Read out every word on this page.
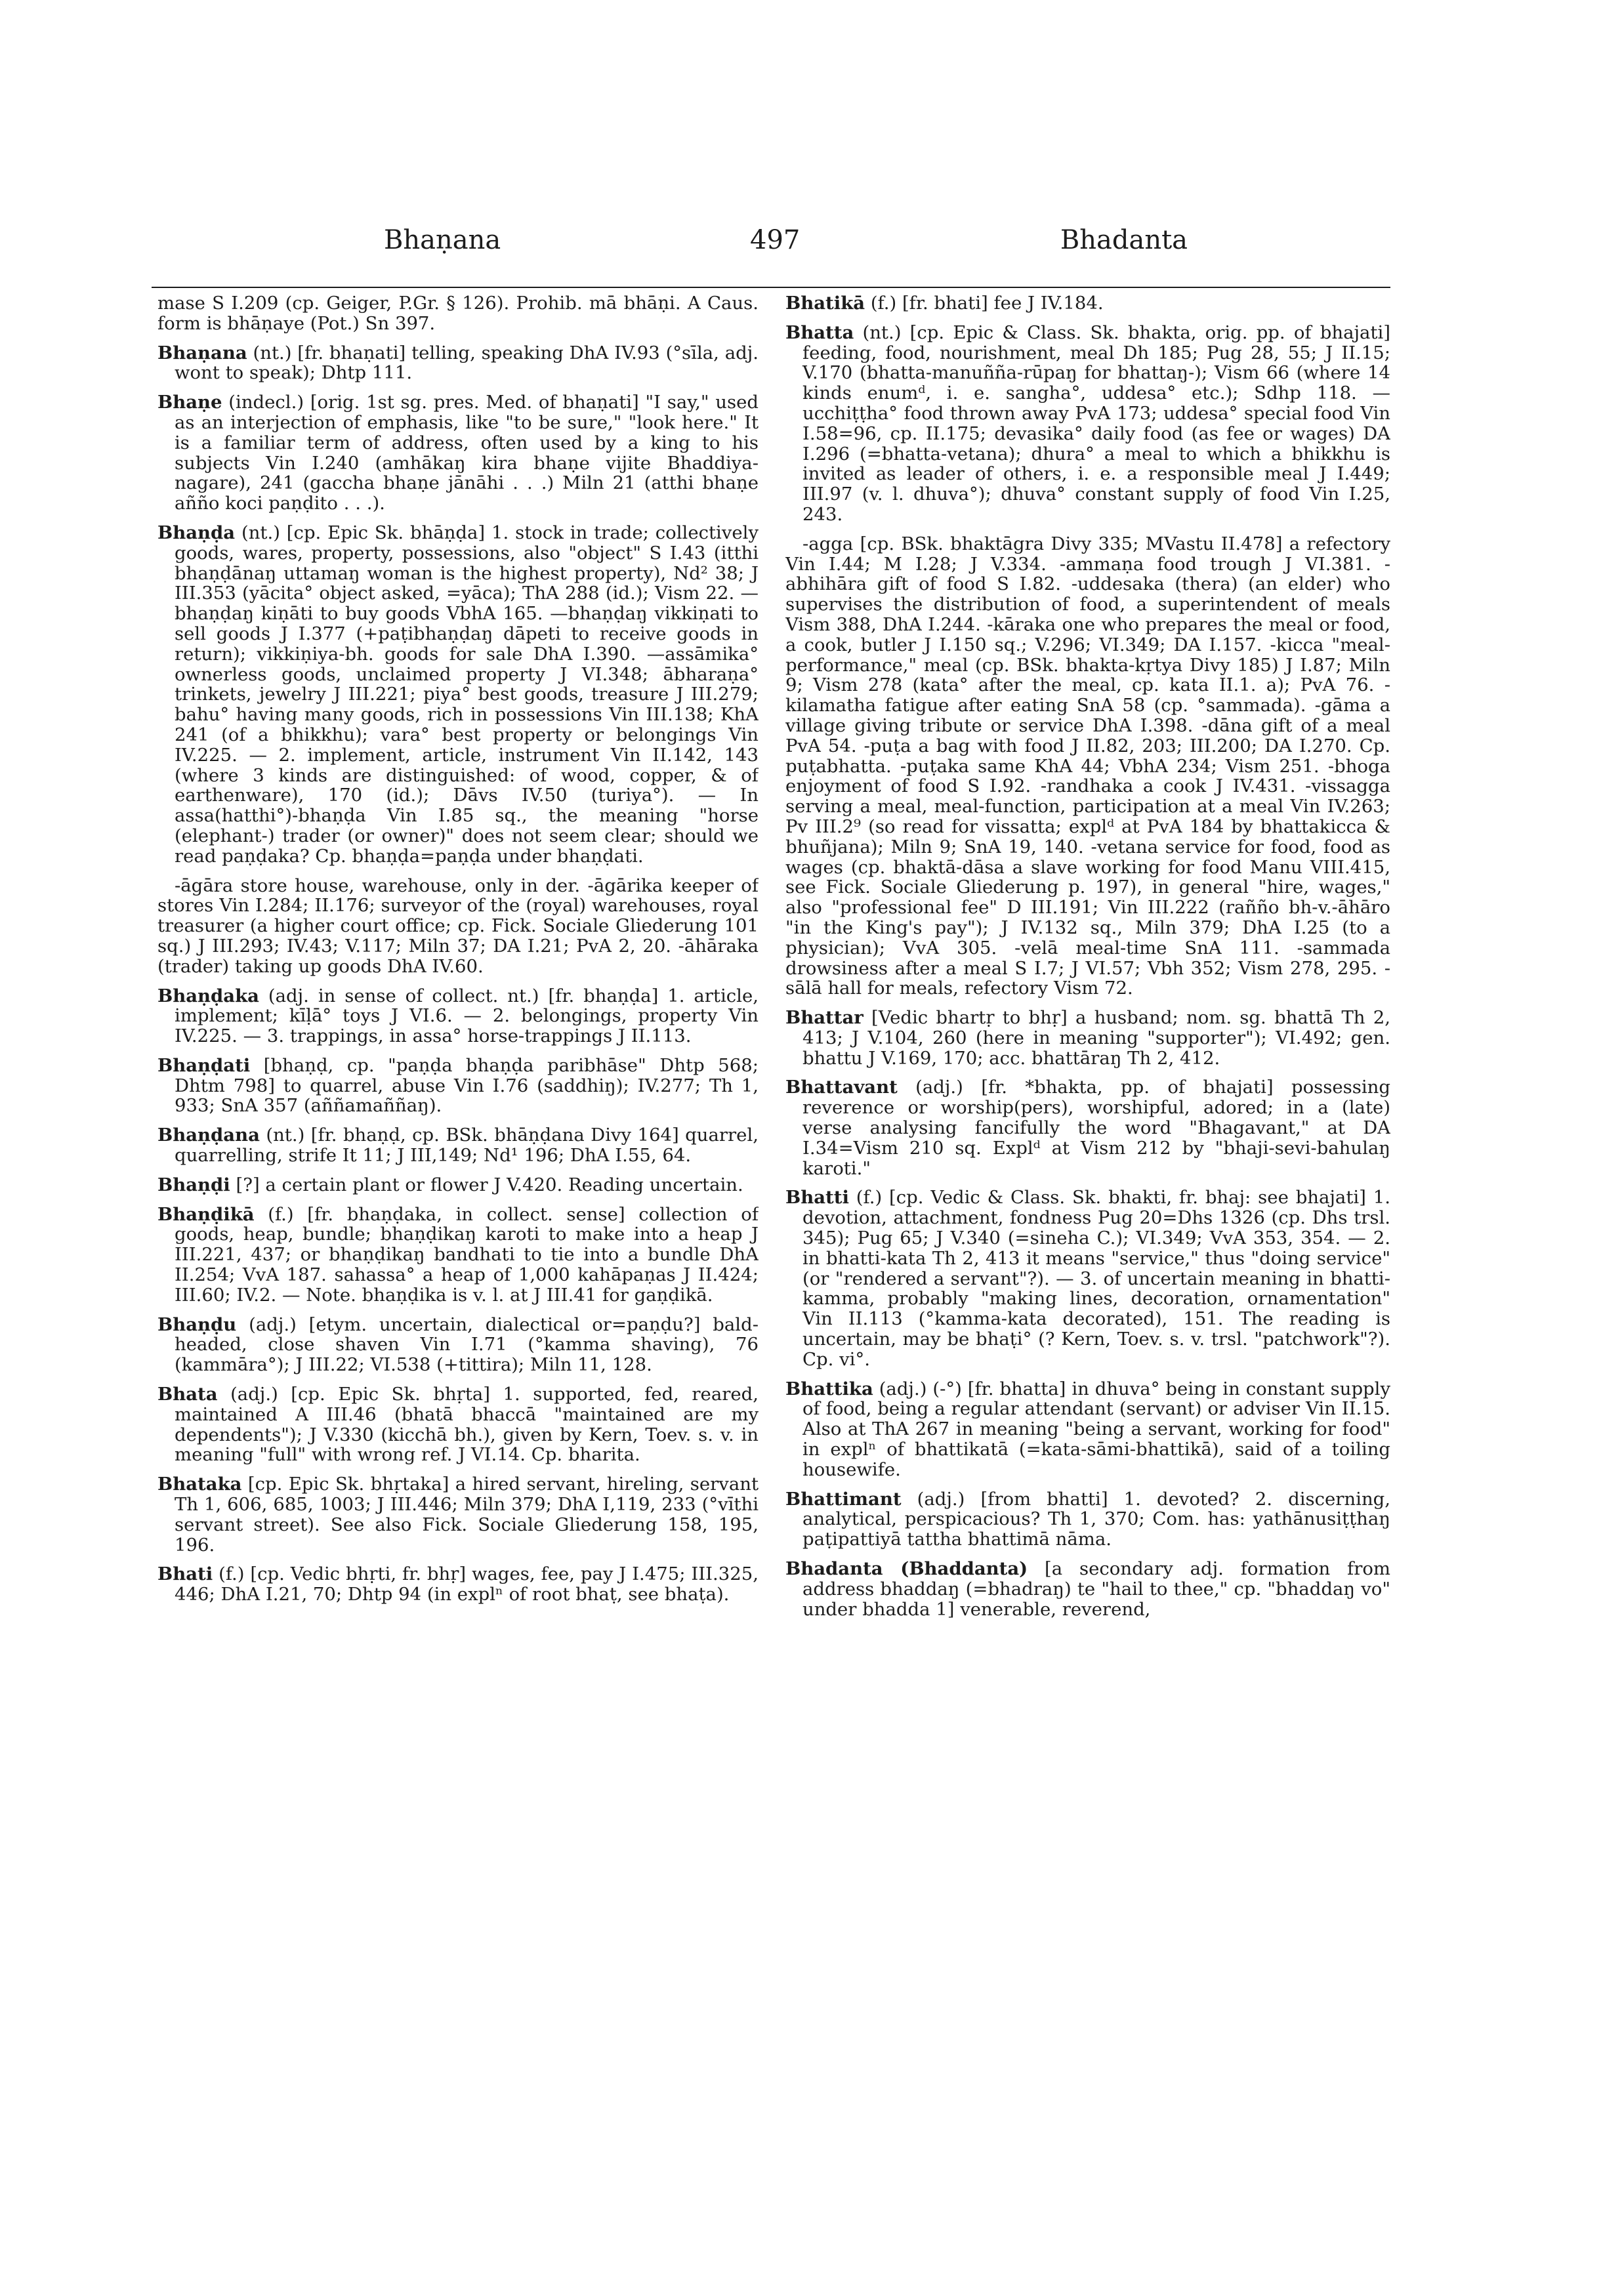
Bhaṇana	497	Bhadanta

mase S I.209 (cp. Geiger, P.Gr. § 126). Prohib. mā bhāṇi. A Caus. form is bhāṇaye (Pot.) Sn 397.

Bhaṇana (nt.) [fr. bhaṇati] telling, speaking DhA IV.93 (°sīla, adj. wont to speak); Dhtp 111.

Bhaṇe (indecl.) [orig. 1st sg. pres. Med. of bhaṇati] "I say," used as an interjection of emphasis, like "to be sure," "look here." It is a familiar term of address, often used by a king to his subjects Vin I.240 (amhākaŋ kira bhaṇe vijite Bhaddiya-nagare), 241 (gaccha bhaṇe jānāhi . . .) Miln 21 (atthi bhaṇe añño koci paṇḍito . . .).

Bhaṇḍa (nt.) [cp. Epic Sk. bhāṇḍa] 1. stock in trade; collectively goods, wares, property, possessions, also "object" S I.43 (itthi bhaṇḍānaŋ uttamaŋ woman is the highest property), Nd² 38; J III.353 (yācita° object asked, =yāca); ThA 288 (id.); Vism 22. —bhaṇḍaŋ kiṇāti to buy goods VbhA 165. —bhaṇḍaŋ vikkiṇati to sell goods J I.377 (+paṭibhaṇḍaŋ dāpeti to receive goods in return); vikkiṇiya-bh. goods for sale DhA I.390. —assāmika° ownerless goods, unclaimed property J VI.348; ābharaṇa° trinkets, jewelry J III.221; piya° best goods, treasure J III.279; bahu° having many goods, rich in possessions Vin III.138; KhA 241 (of a bhikkhu); vara° best property or belongings Vin IV.225. — 2. implement, article, instrument Vin II.142, 143 (where 3 kinds are distinguished: of wood, copper, & of earthenware), 170 (id.); Dāvs IV.50 (turiya°). — In assa(hatthi°)-bhaṇḍa Vin I.85 sq., the meaning "horse (elephant-) trader (or owner)" does not seem clear; should we read paṇḍaka? Cp. bhaṇḍa=paṇḍa under bhaṇḍati.

-āgāra store house, warehouse, only in der. -āgārika keeper of stores Vin I.284; II.176; surveyor of the (royal) warehouses, royal treasurer (a higher court office; cp. Fick. Sociale Gliederung 101 sq.) J III.293; IV.43; V.117; Miln 37; DA I.21; PvA 2, 20. -āhāraka (trader) taking up goods DhA IV.60.

Bhaṇḍaka (adj. in sense of collect. nt.) [fr. bhaṇḍa] 1. article, implement; kīḷā° toys J VI.6. — 2. belongings, property Vin IV.225. — 3. trappings, in assa° horse-trappings J II.113.

Bhaṇḍati [bhaṇḍ, cp. "paṇḍa bhaṇḍa paribhāse" Dhtp 568; Dhtm 798] to quarrel, abuse Vin I.76 (saddhiŋ); IV.277; Th 1, 933; SnA 357 (aññamaññaŋ).

Bhaṇḍana (nt.) [fr. bhaṇḍ, cp. BSk. bhāṇḍana Divy 164] quarrel, quarrelling, strife It 11; J III,149; Nd¹ 196; DhA I.55, 64.

Bhaṇḍi [?] a certain plant or flower J V.420. Reading uncertain.

Bhaṇḍikā (f.) [fr. bhaṇḍaka, in collect. sense] collection of goods, heap, bundle; bhaṇḍikaŋ karoti to make into a heap J III.221, 437; or bhaṇḍikaŋ bandhati to tie into a bundle DhA II.254; VvA 187. sahassa° a heap of 1,000 kahāpaṇas J II.424; III.60; IV.2. — Note. bhaṇḍika is v. l. at J III.41 for gaṇḍikā.

Bhaṇḍu (adj.) [etym. uncertain, dialectical or=paṇḍu?] bald-headed, close shaven Vin I.71 (°kamma shaving), 76 (kammāra°); J III.22; VI.538 (+tittira); Miln 11, 128.

Bhata (adj.) [cp. Epic Sk. bhṛta] 1. supported, fed, reared, maintained A III.46 (bhatā bhaccā "maintained are my dependents"); J V.330 (kicchā bh.), given by Kern, Toev. s. v. in meaning "full" with wrong ref. J VI.14. Cp. bharita.

Bhataka [cp. Epic Sk. bhṛtaka] a hired servant, hireling, servant Th 1, 606, 685, 1003; J III.446; Miln 379; DhA I,119, 233 (°vīthi servant street). See also Fick. Sociale Gliederung 158, 195, 196.

Bhati (f.) [cp. Vedic bhṛti, fr. bhṛ] wages, fee, pay J I.475; III.325, 446; DhA I.21, 70; Dhtp 94 (in explⁿ of root bhaṭ, see bhaṭa).

Bhatikā (f.) [fr. bhati] fee J IV.184.

Bhatta (nt.) [cp. Epic & Class. Sk. bhakta, orig. pp. of bhajati] feeding, food, nourishment, meal Dh 185; Pug 28, 55; J II.15; V.170 (bhatta-manuñña-rūpaŋ for bhattaŋ-); Vism 66 (where 14 kinds enumᵈ, i. e. sangha°, uddesa° etc.); Sdhp 118. —ucchiṭṭha° food thrown away PvA 173; uddesa° special food Vin I.58=96, cp. II.175; devasika° daily food (as fee or wages) DA I.296 (=bhatta-vetana); dhura° a meal to which a bhikkhu is invited as leader of others, i. e. a responsible meal J I.449; III.97 (v. l. dhuva°); dhuva° constant supply of food Vin I.25, 243.

-agga [cp. BSk. bhaktāgra Divy 335; MVastu II.478] a refectory Vin I.44; M I.28; J V.334. -ammaṇa food trough J VI.381. -abhihāra gift of food S I.82. -uddesaka (thera) (an elder) who supervises the distribution of food, a superintendent of meals Vism 388, DhA I.244. -kāraka one who prepares the meal or food, a cook, butler J I.150 sq.; V.296; VI.349; DA I.157. -kicca "meal-performance," meal (cp. BSk. bhakta-kṛtya Divy 185) J I.87; Miln 9; Vism 278 (kata° after the meal, cp. kata II.1. a); PvA 76. -kilamatha fatigue after eating SnA 58 (cp. °sammada). -gāma a village giving tribute or service DhA I.398. -dāna gift of a meal PvA 54. -puṭa a bag with food J II.82, 203; III.200; DA I.270. Cp. puṭabhatta. -puṭaka same KhA 44; VbhA 234; Vism 251. -bhoga enjoyment of food S I.92. -randhaka a cook J IV.431. -vissagga serving a meal, meal-function, participation at a meal Vin IV.263; Pv III.2⁹ (so read for vissatta; explᵈ at PvA 184 by bhattakicca & bhuñjana); Miln 9; SnA 19, 140. -vetana service for food, food as wages (cp. bhaktā-dāsa a slave working for food Manu VIII.415, see Fick. Sociale Gliederung p. 197), in general "hire, wages," also "professional fee" D III.191; Vin III.222 (rañño bh-v.-āhāro "in the King's pay"); J IV.132 sq., Miln 379; DhA I.25 (to a physician); VvA 305. -velā meal-time SnA 111. -sammada drowsiness after a meal S I.7; J VI.57; Vbh 352; Vism 278, 295. -sālā hall for meals, refectory Vism 72.

Bhattar [Vedic bhartṛ to bhṛ] a husband; nom. sg. bhattā Th 2, 413; J V.104, 260 (here in meaning "supporter"); VI.492; gen. bhattu J V.169, 170; acc. bhattāraŋ Th 2, 412.

Bhattavant (adj.) [fr. *bhakta, pp. of bhajati] possessing reverence or worship(pers), worshipful, adored; in a (late) verse analysing fancifully the word "Bhagavant," at DA I.34=Vism 210 sq. Explᵈ at Vism 212 by "bhaji-sevi-bahulaŋ karoti."

Bhatti (f.) [cp. Vedic & Class. Sk. bhakti, fr. bhaj: see bhajati] 1. devotion, attachment, fondness Pug 20=Dhs 1326 (cp. Dhs trsl. 345); Pug 65; J V.340 (=sineha C.); VI.349; VvA 353, 354. — 2. in bhatti-kata Th 2, 413 it means "service," thus "doing service" (or "rendered a servant"?). — 3. of uncertain meaning in bhatti-kamma, probably "making lines, decoration, ornamentation" Vin II.113 (°kamma-kata decorated), 151. The reading is uncertain, may be bhaṭi° (? Kern, Toev. s. v. trsl. "patchwork"?). Cp. vi°.

Bhattika (adj.) (-°) [fr. bhatta] in dhuva° being in constant supply of food, being a regular attendant (servant) or adviser Vin II.15. Also at ThA 267 in meaning "being a servant, working for food" in explⁿ of bhattikatā (=kata-sāmi-bhattikā), said of a toiling housewife.

Bhattimant (adj.) [from bhatti] 1. devoted? 2. discerning, analytical, perspicacious? Th 1, 370; Com. has: yathānusiṭṭhaŋ paṭipattiyā tattha bhattimā nāma.

Bhadanta (Bhaddanta) [a secondary adj. formation from address bhaddaŋ (=bhadraŋ) te "hail to thee," cp. "bhaddaŋ vo" under bhadda 1] venerable, reverend,
